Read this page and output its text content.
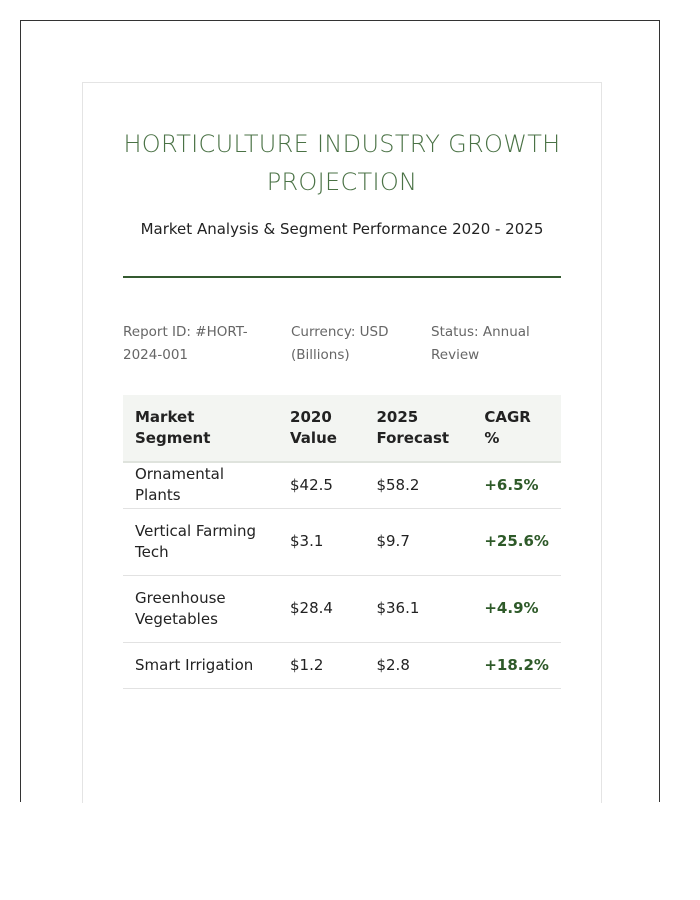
HORTICULTURE INDUSTRY GROWTH
PROJECTION
Market Analysis & Segment Performance 2020 - 2025
Report ID: #HORT-2024-001
Currency: USD (Billions)
Status: Annual Review
Market Segment	2020 Value	2025 Forecast	CAGR %
Ornamental Plants	$42.5	$58.2	+6.5%
Vertical Farming Tech	$3.1	$9.7	+25.6%
Greenhouse Vegetables	$28.4	$36.1	+4.9%
Smart Irrigation	$1.2	$2.8	+18.2%
